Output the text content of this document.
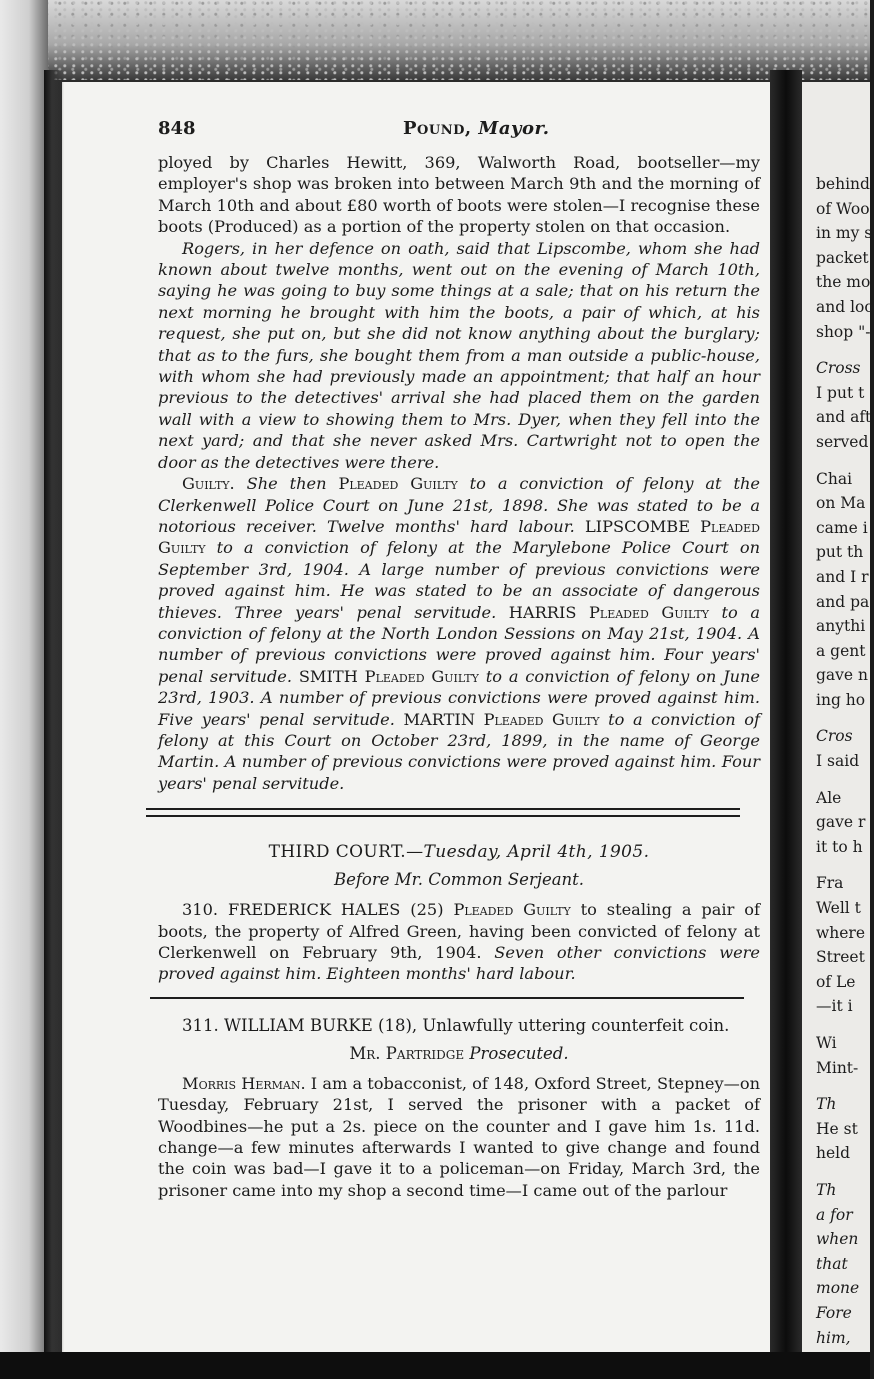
848	Pound, Mayor.

ployed by Charles Hewitt, 369, Walworth Road, bootseller—my employer's shop was broken into between March 9th and the morning of March 10th and about £80 worth of boots were stolen—I recognise these boots (Produced) as a portion of the property stolen on that occasion.

Rogers, in her defence on oath, said that Lipscombe, whom she had known about twelve months, went out on the evening of March 10th, saying he was going to buy some things at a sale; that on his return the next morning he brought with him the boots, a pair of which, at his request, she put on, but she did not know anything about the burglary; that as to the furs, she bought them from a man outside a public-house, with whom she had previously made an appointment; that half an hour previous to the detectives' arrival she had placed them on the garden wall with a view to showing them to Mrs. Dyer, when they fell into the next yard; and that she never asked Mrs. Cartwright not to open the door as the detectives were there.

Guilty. She then Pleaded Guilty to a conviction of felony at the Clerkenwell Police Court on June 21st, 1898. She was stated to be a notorious receiver. Twelve months' hard labour. LIPSCOMBE Pleaded Guilty to a conviction of felony at the Marylebone Police Court on September 3rd, 1904. A large number of previous convictions were proved against him. He was stated to be an associate of dangerous thieves. Three years' penal servitude. HARRIS Pleaded Guilty to a conviction of felony at the North London Sessions on May 21st, 1904. A number of previous convictions were proved against him. Four years' penal servitude. SMITH Pleaded Guilty to a conviction of felony on June 23rd, 1903. A number of previous convictions were proved against him. Five years' penal servitude. MARTIN Pleaded Guilty to a conviction of felony at this Court on October 23rd, 1899, in the name of George Martin. A number of previous convictions were proved against him. Four years' penal servitude.

THIRD COURT.—Tuesday, April 4th, 1905.
Before Mr. Common Serjeant.

310. FREDERICK HALES (25) Pleaded Guilty to stealing a pair of boots, the property of Alfred Green, having been convicted of felony at Clerkenwell on February 9th, 1904. Seven other convictions were proved against him. Eighteen months' hard labour.

311. WILLIAM BURKE (18), Unlawfully uttering counterfeit coin.

Mr. Partridge Prosecuted.

Morris Herman. I am a tobacconist, of 148, Oxford Street, Stepney—on Tuesday, February 21st, I served the prisoner with a packet of Woodbines—he put a 2s. piece on the counter and I gave him 1s. 11d. change—a few minutes afterwards I wanted to give change and found the coin was bad—I gave it to a policeman—on Friday, March 3rd, the prisoner came into my shop a second time—I came out of the parlour

behind
of Woo
in my s
packet
the mo
and loo
shop "-
Cross
I put t
and aft
served
Chai
on Ma
came i
put th
and I r
and pa
anythi
a gent
gave n
ing ho
Cros
I said
Ale
gave r
it to h
Fra
Well t
where
Street
of Le
—it i
Wi
Mint-
Th
He st
held
Th
a for
when
that
mone
Fore
him,
